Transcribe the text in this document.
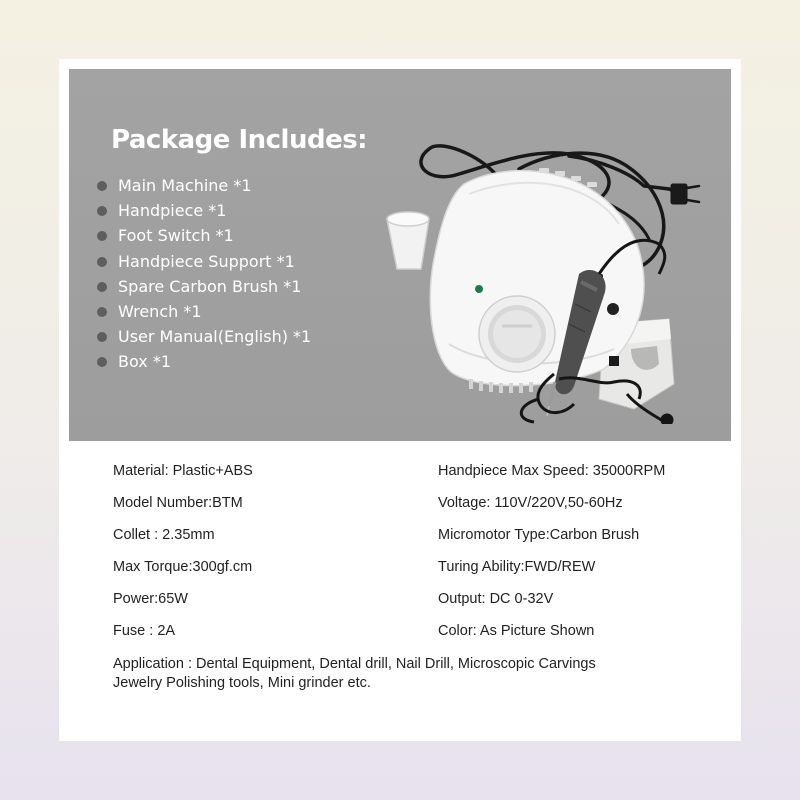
Package Includes:
Main Machine *1
Handpiece *1
Foot Switch *1
Handpiece Support *1
Spare Carbon Brush *1
Wrench *1
User Manual(English) *1
Box *1
Material: Plastic+ABS	Handpiece Max Speed: 35000RPM
Model Number:BTM	Voltage: 110V/220V,50-60Hz
Collet : 2.35mm	Micromotor Type:Carbon Brush
Max Torque:300gf.cm	Turing Ability:FWD/REW
Power:65W	Output: DC 0-32V
Fuse : 2A	Color: As Picture Shown
Application : Dental Equipment, Dental drill, Nail Drill, Microscopic Carvings
Jewelry Polishing tools, Mini grinder etc.
